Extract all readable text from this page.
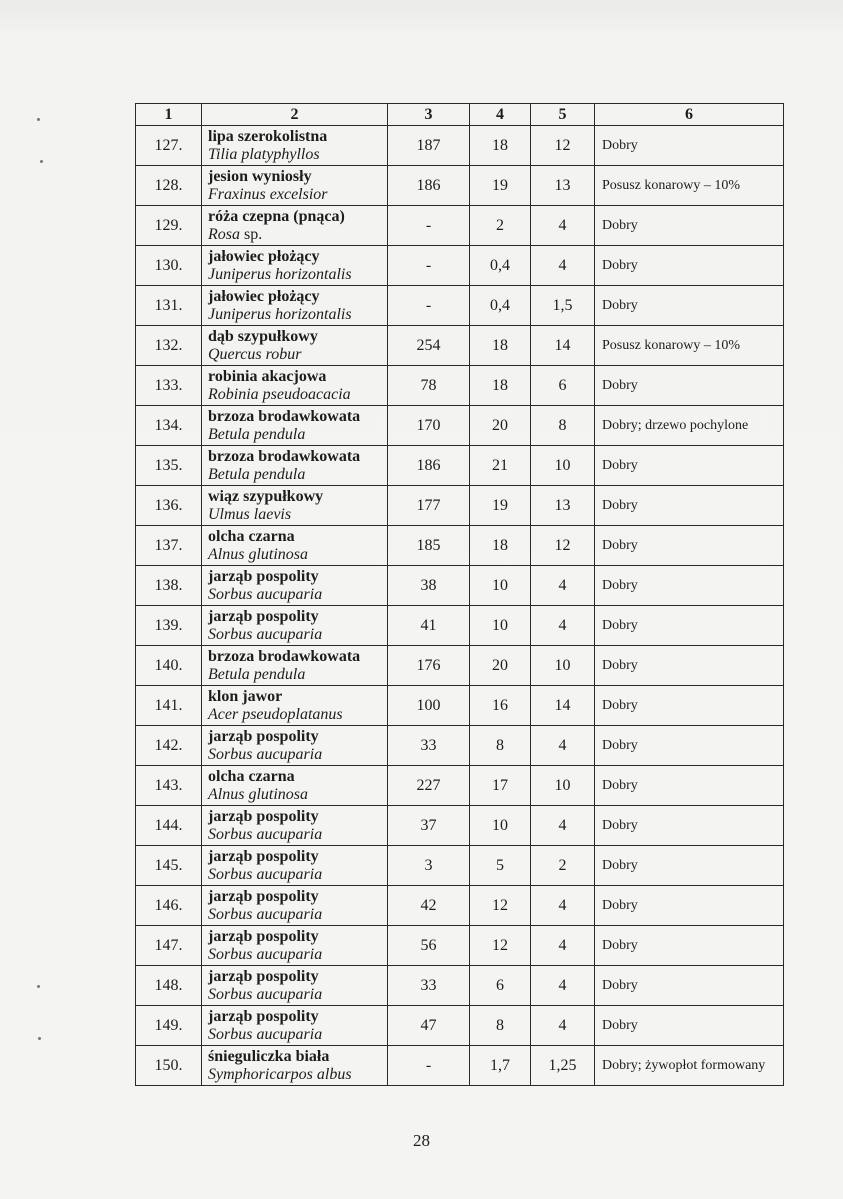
1	2	3	4	5	6
127.	lipa szerokolistna
Tilia platyphyllos	187	18	12	Dobry
128.	jesion wyniosły
Fraxinus excelsior	186	19	13	Posusz konarowy – 10%
129.	róża czepna (pnąca)
Rosa sp.	-	2	4	Dobry
130.	jałowiec płożący
Juniperus horizontalis	-	0,4	4	Dobry
131.	jałowiec płożący
Juniperus horizontalis	-	0,4	1,5	Dobry
132.	dąb szypułkowy
Quercus robur	254	18	14	Posusz konarowy – 10%
133.	robinia akacjowa
Robinia pseudoacacia	78	18	6	Dobry
134.	brzoza brodawkowata
Betula pendula	170	20	8	Dobry; drzewo pochylone
135.	brzoza brodawkowata
Betula pendula	186	21	10	Dobry
136.	wiąz szypułkowy
Ulmus laevis	177	19	13	Dobry
137.	olcha czarna
Alnus glutinosa	185	18	12	Dobry
138.	jarząb pospolity
Sorbus aucuparia	38	10	4	Dobry
139.	jarząb pospolity
Sorbus aucuparia	41	10	4	Dobry
140.	brzoza brodawkowata
Betula pendula	176	20	10	Dobry
141.	klon jawor
Acer pseudoplatanus	100	16	14	Dobry
142.	jarząb pospolity
Sorbus aucuparia	33	8	4	Dobry
143.	olcha czarna
Alnus glutinosa	227	17	10	Dobry
144.	jarząb pospolity
Sorbus aucuparia	37	10	4	Dobry
145.	jarząb pospolity
Sorbus aucuparia	3	5	2	Dobry
146.	jarząb pospolity
Sorbus aucuparia	42	12	4	Dobry
147.	jarząb pospolity
Sorbus aucuparia	56	12	4	Dobry
148.	jarząb pospolity
Sorbus aucuparia	33	6	4	Dobry
149.	jarząb pospolity
Sorbus aucuparia	47	8	4	Dobry
150.	śnieguliczka biała
Symphoricarpos albus	-	1,7	1,25	Dobry; żywopłot formowany
28
